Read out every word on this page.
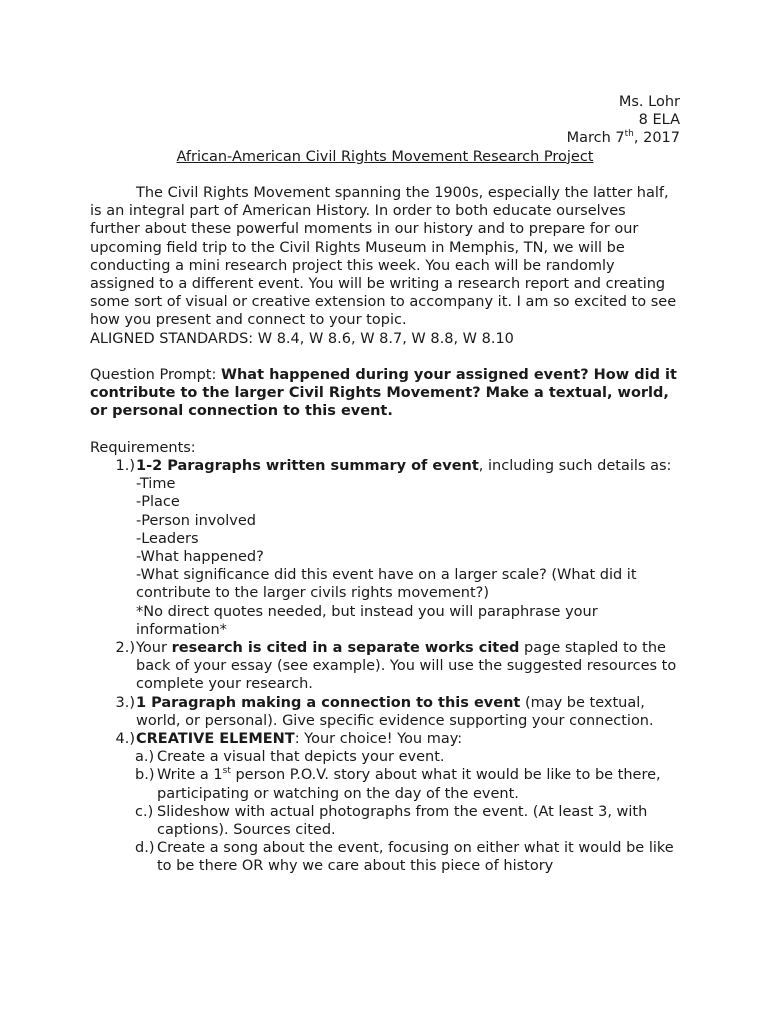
Ms. Lohr
8 ELA
March 7th, 2017
African-American Civil Rights Movement Research Project
The Civil Rights Movement spanning the 1900s, especially the latter half, is an integral part of American History. In order to both educate ourselves further about these powerful moments in our history and to prepare for our upcoming field trip to the Civil Rights Museum in Memphis, TN, we will be conducting a mini research project this week. You each will be randomly assigned to a different event. You will be writing a research report and creating some sort of visual or creative extension to accompany it. I am so excited to see how you present and connect to your topic.
ALIGNED STANDARDS: W 8.4, W 8.6, W 8.7, W 8.8, W 8.10
Question Prompt: What happened during your assigned event? How did it contribute to the larger Civil Rights Movement? Make a textual, world, or personal connection to this event.
Requirements:
1.) 1-2 Paragraphs written summary of event, including such details as:
-Time
-Place
-Person involved
-Leaders
-What happened?
-What significance did this event have on a larger scale? (What did it contribute to the larger civils rights movement?)
*No direct quotes needed, but instead you will paraphrase your information*
2.) Your research is cited in a separate works cited page stapled to the back of your essay (see example). You will use the suggested resources to complete your research.
3.) 1 Paragraph making a connection to this event (may be textual, world, or personal). Give specific evidence supporting your connection.
4.) CREATIVE ELEMENT: Your choice! You may:
a.) Create a visual that depicts your event.
b.) Write a 1st person P.O.V. story about what it would be like to be there, participating or watching on the day of the event.
c.) Slideshow with actual photographs from the event. (At least 3, with captions). Sources cited.
d.) Create a song about the event, focusing on either what it would be like to be there OR why we care about this piece of history
